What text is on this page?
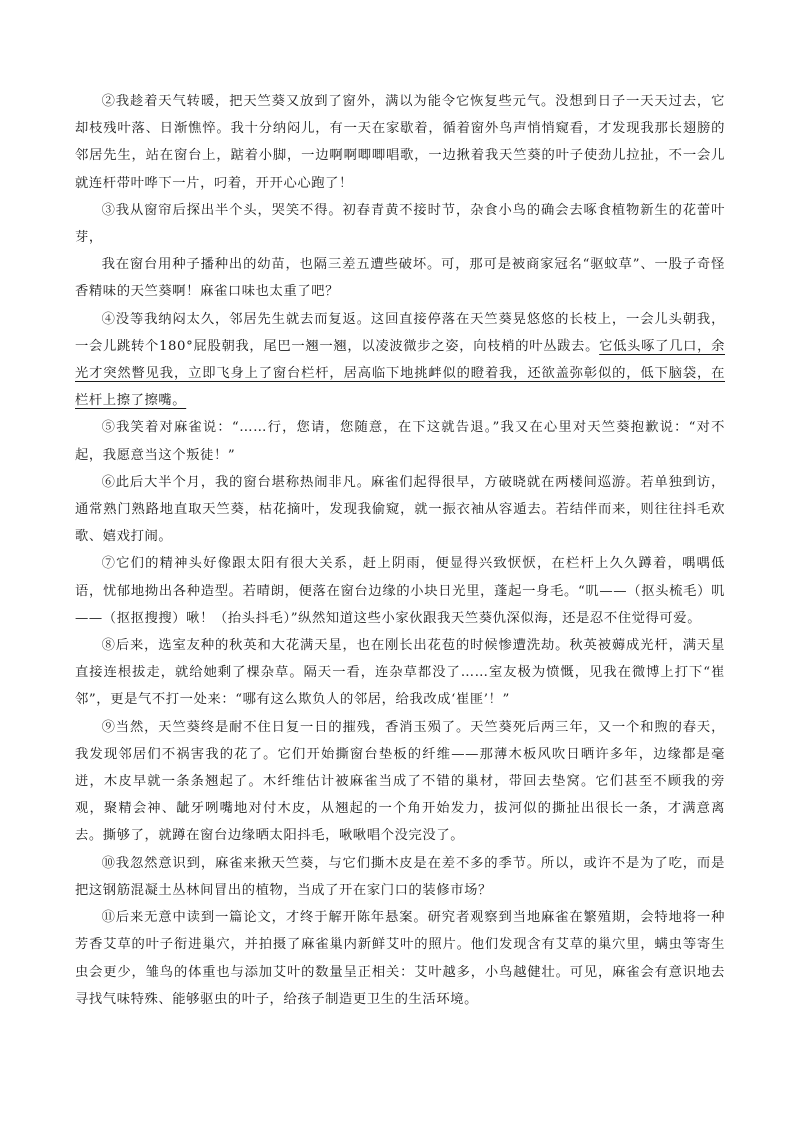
②我趁着天气转暖，把天竺葵又放到了窗外，满以为能令它恢复些元气。没想到日子一天天过去，它却枝残叶落、日渐憔悴。我十分纳闷儿，有一天在家歇着，循着窗外鸟声悄悄窥看，才发现我那长翅膀的邻居先生，站在窗台上，踮着小脚，一边啊啊唧唧唱歌，一边揪着我天竺葵的叶子使劲儿拉扯，不一会儿就连杆带叶哗下一片，叼着，开开心心跑了！

③我从窗帘后探出半个头，哭笑不得。初春青黄不接时节，杂食小鸟的确会去啄食植物新生的花蕾叶芽，

我在窗台用种子播种出的幼苗，也隔三差五遭些破坏。可，那可是被商家冠名“驱蚊草”、一股子奇怪香精味的天竺葵啊！麻雀口味也太重了吧？

④没等我纳闷太久，邻居先生就去而复返。这回直接停落在天竺葵晃悠悠的长枝上，一会儿头朝我，一会儿跳转个180°屁股朝我，尾巴一翘一翘，以凌波微步之姿，向枝梢的叶丛跋去。它低头啄了几口，余光才突然瞥见我，立即飞身上了窗台栏杆，居高临下地挑衅似的瞪着我，还欲盖弥彰似的，低下脑袋，在栏杆上擦了擦嘴。

⑤我笑着对麻雀说：“……行，您请，您随意，在下这就告退。”我又在心里对天竺葵抱歉说：“对不起，我愿意当这个叛徒！”

⑥此后大半个月，我的窗台堪称热闹非凡。麻雀们起得很早，方破晓就在两楼间巡游。若单独到访，通常熟门熟路地直取天竺葵，枯花摘叶，发现我偷窥，就一振衣袖从容遁去。若结伴而来，则往往抖毛欢歌、嬉戏打闹。

⑦它们的精神头好像跟太阳有很大关系，赶上阴雨，便显得兴致恹恹，在栏杆上久久蹲着，喁喁低语，忧郁地拗出各种造型。若晴朗，便落在窗台边缘的小块日光里，蓬起一身毛。“叽——（抠头梳毛）叽——（抠抠搜搜）啾！（抬头抖毛）”纵然知道这些小家伙跟我天竺葵仇深似海，还是忍不住觉得可爱。

⑧后来，选室友种的秋英和大花满天星，也在刚长出花苞的时候惨遭洗劫。秋英被薅成光杆，满天星直接连根拔走，就给她剩了棵杂草。隔天一看，连杂草都没了……室友极为愤慨，见我在微博上打下“崔邻”，更是气不打一处来：“哪有这么欺负人的邻居，给我改成‘崔匪’！”

⑨当然，天竺葵终是耐不住日复一日的摧残，香消玉殒了。天竺葵死后两三年，又一个和煦的春天，我发现邻居们不祸害我的花了。它们开始撕窗台垫板的纤维——那薄木板风吹日晒许多年，边缘都是毫迸，木皮早就一条条翘起了。木纤维估计被麻雀当成了不错的巢材，带回去垫窝。它们甚至不顾我的旁观，聚精会神、龇牙咧嘴地对付木皮，从翘起的一个角开始发力，拔河似的撕扯出很长一条，才满意离去。撕够了，就蹲在窗台边缘晒太阳抖毛，啾啾唱个没完没了。

⑩我忽然意识到，麻雀来揪天竺葵，与它们撕木皮是在差不多的季节。所以，或许不是为了吃，而是把这钢筋混凝土丛林间冒出的植物，当成了开在家门口的装修市场？

⑪后来无意中读到一篇论文，才终于解开陈年悬案。研究者观察到当地麻雀在繁殖期，会特地将一种芳香艾草的叶子衔进巢穴，并拍摄了麻雀巢内新鲜艾叶的照片。他们发现含有艾草的巢穴里，螨虫等寄生虫会更少，雏鸟的体重也与添加艾叶的数量呈正相关：艾叶越多，小鸟越健壮。可见，麻雀会有意识地去寻找气味特殊、能够驱虫的叶子，给孩子制造更卫生的生活环境。
